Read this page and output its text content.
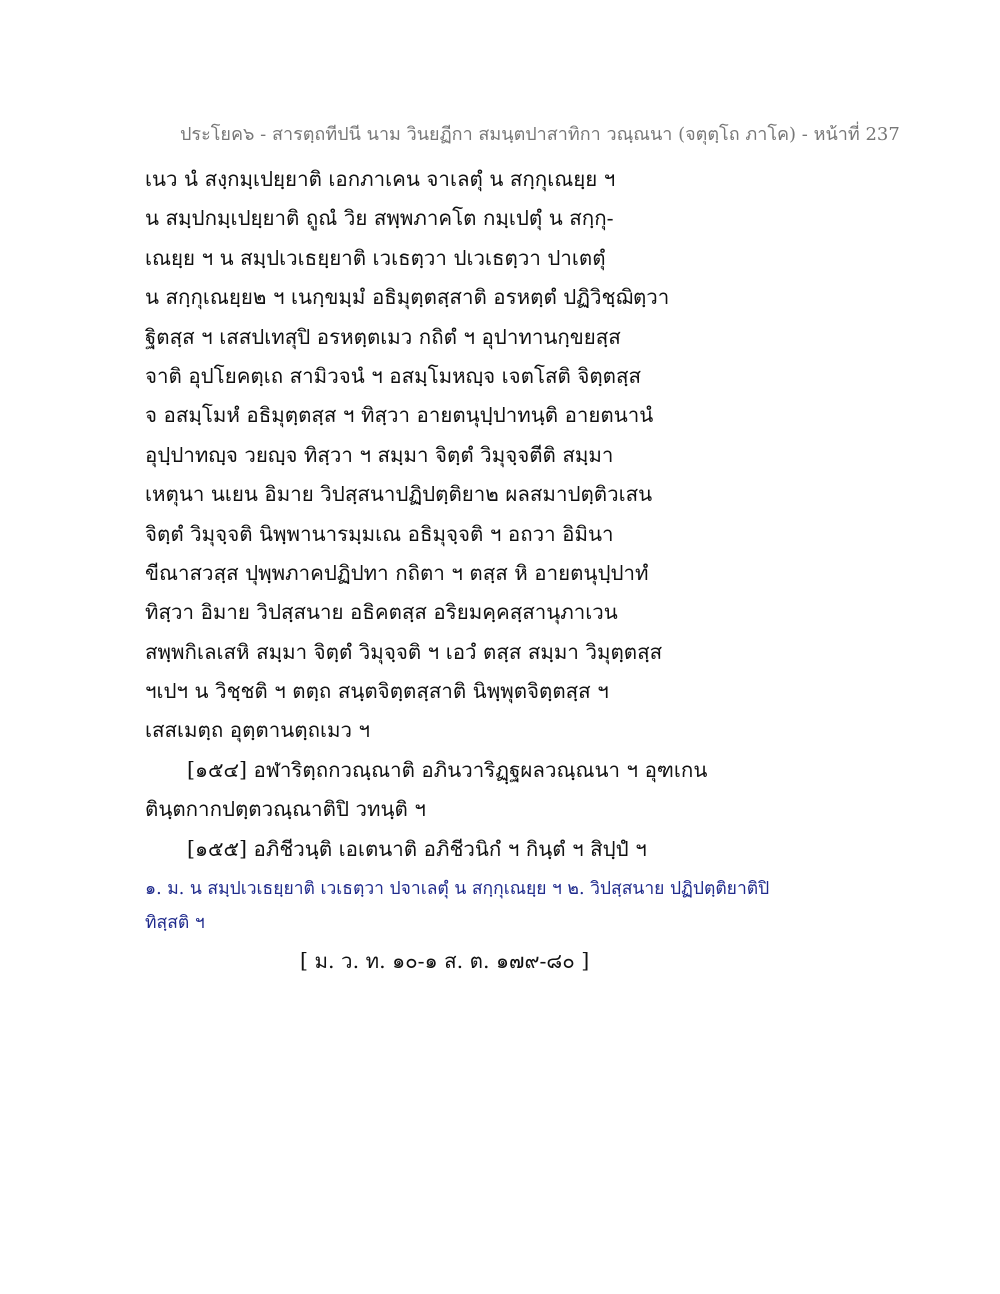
ประโยค๖ - สารตฺถทีปนี นาม วินยฏีกา สมนฺตปาสาทิกา วณฺณนา (จตุตฺโถ ภาโค) - หน้าที่ 237
เนว นํ สงฺกมฺเปยฺยาติ เอกภาเคน จาเลตุํ น สกฺกุเณยฺย ฯ
น สมฺปกมฺเปยฺยาติ ถูณํ วิย สพฺพภาคโต กมฺเปตุํ น สกฺกุ-
เณยฺย ฯ น สมฺปเวเธยฺยาติ เวเธตฺวา ปเวเธตฺวา ปาเตตุํ
น สกฺกุเณยฺย๒ ฯ เนกฺขมฺมํ อธิมุตฺตสฺสาติ อรหตฺตํ ปฏิวิชฺฌิตฺวา
ฐิตสฺส ฯ เสสปเทสุปิ อรหตฺตเมว กถิตํ ฯ อุปาทานกฺขยสฺส
จาติ อุปโยคตฺเถ สามิวจนํ ฯ อสมฺโมหญฺจ เจตโสติ จิตฺตสฺส
จ อสมฺโมหํ อธิมุตฺตสฺส ฯ ทิสฺวา อายตนุปฺปาทนฺติ อายตนานํ
อุปฺปาทญฺจ วยญฺจ ทิสฺวา ฯ สมฺมา จิตฺตํ วิมุจฺจตีติ สมฺมา
เหตุนา นเยน อิมาย วิปสฺสนาปฏิปตฺติยา๒ ผลสมาปตฺติวเสน
จิตฺตํ วิมุจฺจติ นิพฺพานารมฺมเณ อธิมุจฺจติ ฯ อถวา อิมินา
ขีณาสวสฺส ปุพฺพภาคปฏิปทา กถิตา ฯ ตสฺส หิ อายตนุปฺปาทํ
ทิสฺวา อิมาย วิปสฺสนาย อธิคตสฺส อริยมคฺคสฺสานุภาเวน
สพฺพกิเลเสหิ สมฺมา จิตฺตํ วิมุจฺจติ ฯ เอวํ ตสฺส สมฺมา วิมุตฺตสฺส
ฯเปฯ น วิชฺชติ ฯ ตตฺถ สนฺตจิตฺตสฺสาติ นิพฺพุตจิตฺตสฺส ฯ
เสสเมตฺถ อุตฺตานตฺถเมว ฯ
[๑๕๔] อฬาริตฺถกวณฺณาติ อภินวาริฏฺฐผลวณฺณนา ฯ อุฑเกน
ตินฺตกากปตฺตวณฺณาติปิ วทนฺติ ฯ
[๑๕๕] อภิชีวนฺติ เอเตนาติ อภิชีวนิกํ ฯ กินฺตํ ฯ สิปฺปํ ฯ
๑. ม. น สมฺปเวเธยฺยาติ เวเธตฺวา ปจาเลตุํ น สกฺกุเณยฺย ฯ ๒. วิปสฺสนาย ปฏิปตฺติยาติปิ
ทิสฺสติ ฯ
[ ม. ว. ท. ๑๐-๑ ส. ต. ๑๗๙-๘๐ ]
